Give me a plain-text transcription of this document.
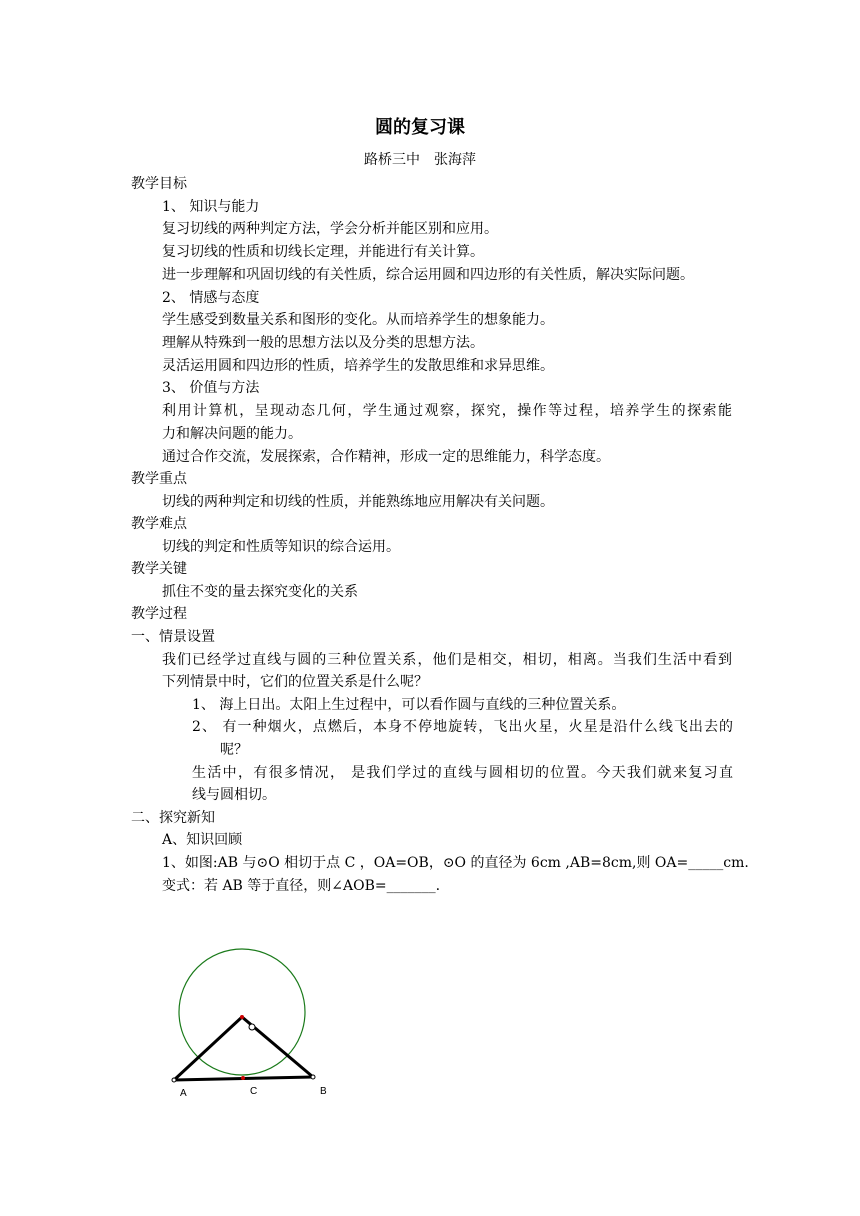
圆的复习课
路桥三中　张海萍
教学目标
1、 知识与能力
复习切线的两种判定方法，学会分析并能区别和应用。
复习切线的性质和切线长定理，并能进行有关计算。
进一步理解和巩固切线的有关性质，综合运用圆和四边形的有关性质，解决实际问题。
2、 情感与态度
学生感受到数量关系和图形的变化。从而培养学生的想象能力。
理解从特殊到一般的思想方法以及分类的思想方法。
灵活运用圆和四边形的性质，培养学生的发散思维和求异思维。
3、 价值与方法
利用计算机，呈现动态几何，学生通过观察，探究，操作等过程，培养学生的探索能
力和解决问题的能力。
通过合作交流，发展探索，合作精神，形成一定的思维能力，科学态度。
教学重点
切线的两种判定和切线的性质，并能熟练地应用解决有关问题。
教学难点
切线的判定和性质等知识的综合运用。
教学关键
抓住不变的量去探究变化的关系
教学过程
一、情景设置
我们已经学过直线与圆的三种位置关系，他们是相交，相切，相离。当我们生活中看到
下列情景中时，它们的位置关系是什么呢？
1、 海上日出。太阳上生过程中，可以看作圆与直线的三种位置关系。
2、 有一种烟火，点燃后，本身不停地旋转，飞出火星，火星是沿什么线飞出去的
呢？
生活中，有很多情况， 是我们学过的直线与圆相切的位置。今天我们就来复习直
线与圆相切。
二、探究新知
A、知识回顾
1、如图:AB 与⊙O 相切于点 C ，OA=OB，⊙O 的直径为 6cm ,AB=8cm,则 OA=_____cm.
变式：若 AB 等于直径，则∠AOB=_______.
A	C	B
